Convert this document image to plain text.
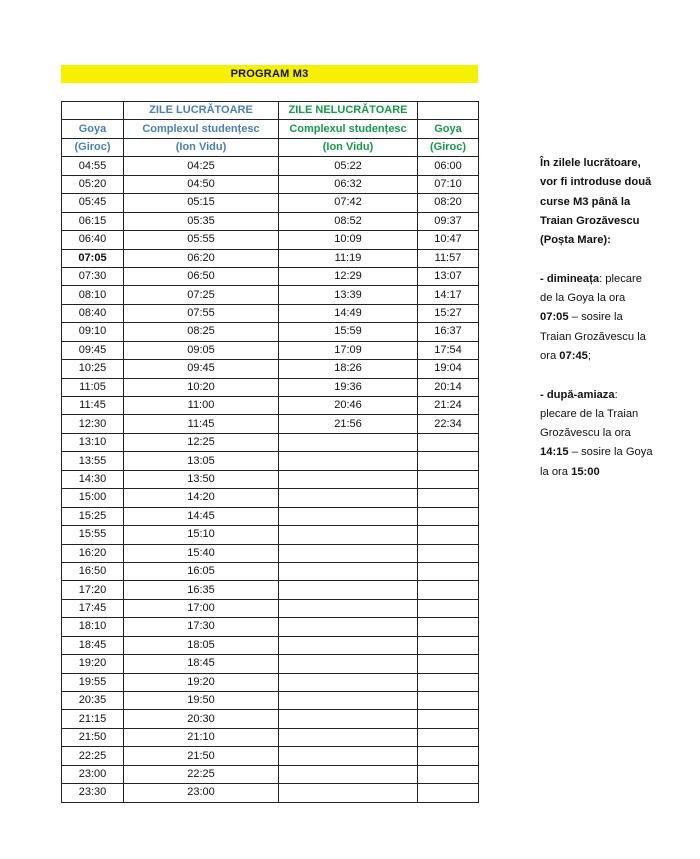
PROGRAM M3
	ZILE LUCRĂTOARE	ZILE NELUCRĂTOARE	
Goya	Complexul studențesc	Complexul studențesc	Goya
(Giroc)	(Ion Vidu)	(Ion Vidu)	(Giroc)
04:55	04:25	05:22	06:00
05:20	04:50	06:32	07:10
05:45	05:15	07:42	08:20
06:15	05:35	08:52	09:37
06:40	05:55	10:09	10:47
07:05	06:20	11:19	11:57
07:30	06:50	12:29	13:07
08:10	07:25	13:39	14:17
08:40	07:55	14:49	15:27
09:10	08:25	15:59	16:37
09:45	09:05	17:09	17:54
10:25	09:45	18:26	19:04
11:05	10:20	19:36	20:14
11:45	11:00	20:46	21:24
12:30	11:45	21:56	22:34
13:10	12:25		
13:55	13:05		
14:30	13:50		
15:00	14:20		
15:25	14:45		
15:55	15:10		
16:20	15:40		
16:50	16:05		
17:20	16:35		
17:45	17:00		
18:10	17:30		
18:45	18:05		
19:20	18:45		
19:55	19:20		
20:35	19:50		
21:15	20:30		
21:50	21:10		
22:25	21:50		
23:00	22:25		
23:30	23:00		

În zilele lucrătoare,

vor fi introduse două

curse M3 până la

Traian Grozăvescu

(Poșta Mare):

- dimineața: plecare

de la Goya la ora

07:05 – sosire la

Traian Grozăvescu la

ora 07:45;

- după-amiaza:

plecare de la Traian

Grozăvescu la ora

14:15 – sosire la Goya

la ora 15:00
